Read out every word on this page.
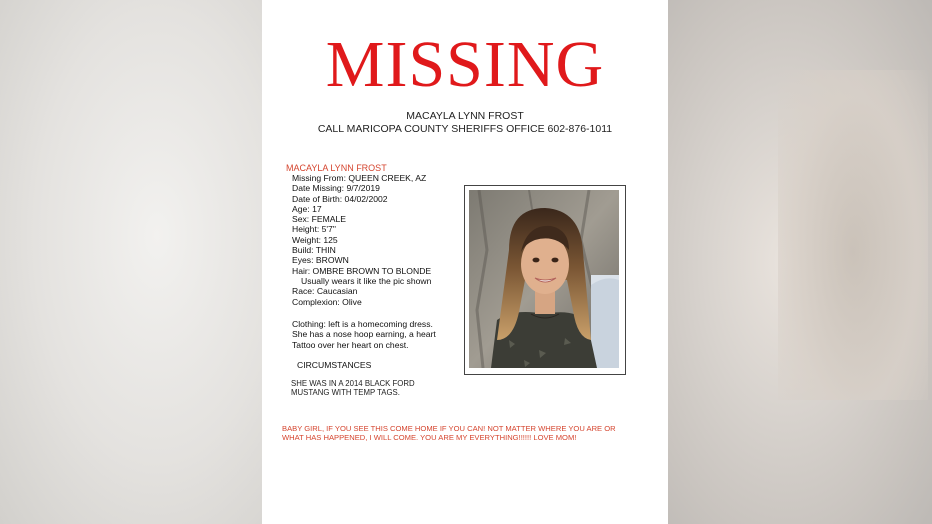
MISSING
MACAYLA LYNN FROST
CALL MARICOPA COUNTY SHERIFFS OFFICE 602-876-1011
MACAYLA LYNN FROST
Missing From: QUEEN CREEK, AZ
Date Missing: 9/7/2019
Date of Birth: 04/02/2002
Age: 17
Sex: FEMALE
Height: 5'7"
Weight: 125
Build: THIN
Eyes: BROWN
Hair: OMBRE BROWN TO BLONDE
Usually wears it like the pic shown
Race: Caucasian
Complexion: Olive
Clothing: left is a homecoming dress.
She has a nose hoop earning, a heart
Tattoo over her heart on chest.
CIRCUMSTANCES
SHE WAS IN A 2014 BLACK FORD
MUSTANG WITH TEMP TAGS.
BABY GIRL, IF YOU SEE THIS COME HOME IF YOU CAN! NOT MATTER WHERE YOU ARE OR WHAT HAS HAPPENED, I WILL COME. YOU ARE MY EVERYTHING!!!!!! LOVE MOM!
